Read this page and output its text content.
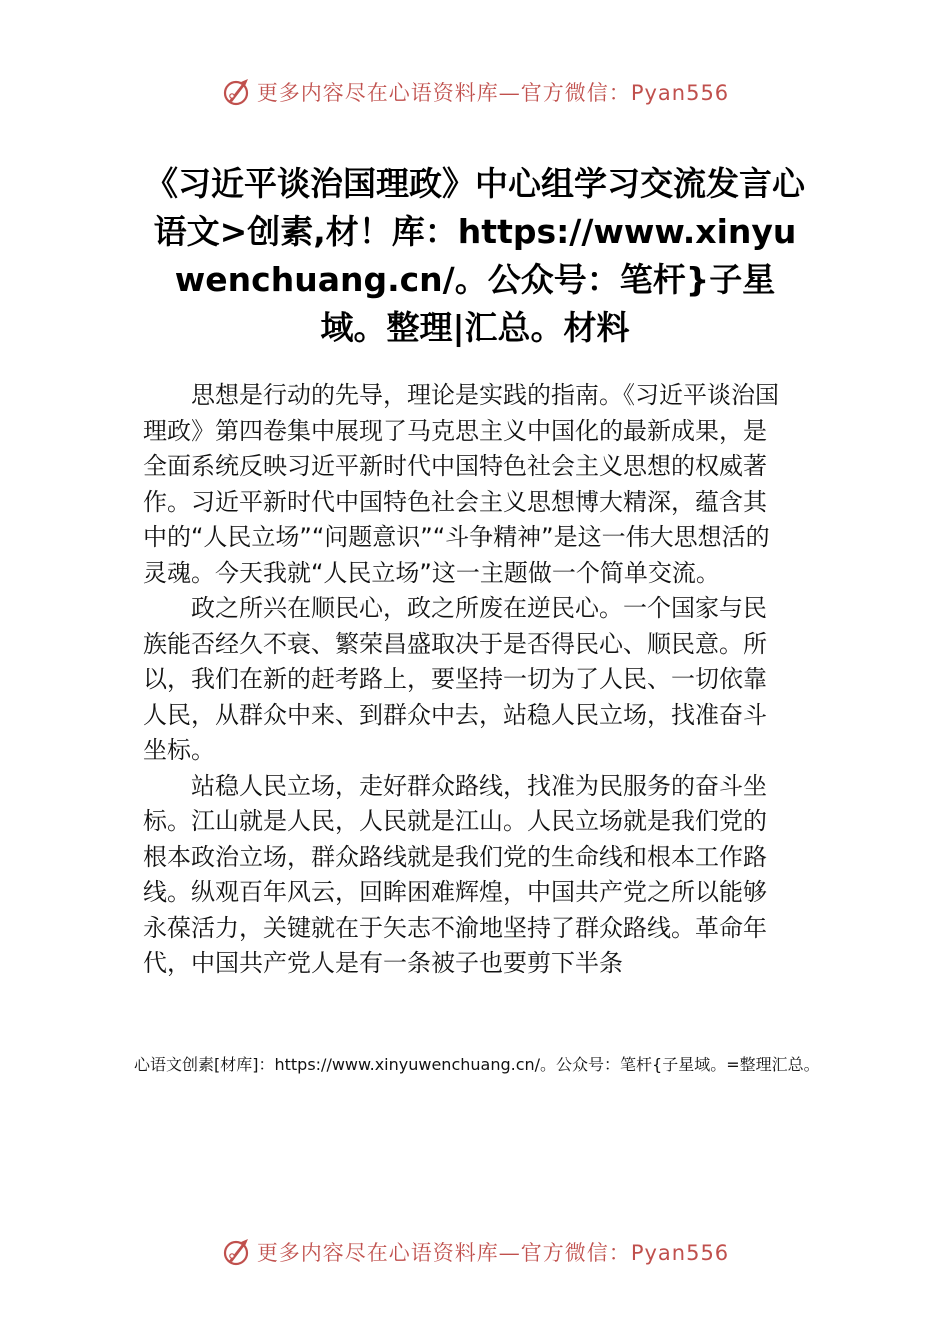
更多内容尽在心语资料库—官方微信：Pyan556
《习近平谈治国理政》中心组学习交流发言心语文>创素,材！库：https://www.xinyuwenchuang.cn/。公众号：笔杆}子星域。整理|汇总。材料

思想是行动的先导，理论是实践的指南。《习近平谈治国理政》第四卷集中展现了马克思主义中国化的最新成果，是全面系统反映习近平新时代中国特色社会主义思想的权威著作。习近平新时代中国特色社会主义思想博大精深，蕴含其中的“人民立场”“问题意识”“斗争精神”是这一伟大思想活的灵魂。今天我就“人民立场”这一主题做一个简单交流。

政之所兴在顺民心，政之所废在逆民心。一个国家与民族能否经久不衰、繁荣昌盛取决于是否得民心、顺民意。所以，我们在新的赶考路上，要坚持一切为了人民、一切依靠人民，从群众中来、到群众中去，站稳人民立场，找准奋斗坐标。

站稳人民立场，走好群众路线，找准为民服务的奋斗坐标。江山就是人民，人民就是江山。人民立场就是我们党的根本政治立场，群众路线就是我们党的生命线和根本工作路线。纵观百年风云，回眸困难辉煌，中国共产党之所以能够永葆活力，关键就在于矢志不渝地坚持了群众路线。革命年代，中国共产党人是有一条被子也要剪下半条

心语文创素[材库]：https://www.xinyuwenchuang.cn/。公众号：笔杆{子星域。=整理汇总。
更多内容尽在心语资料库—官方微信：Pyan556
